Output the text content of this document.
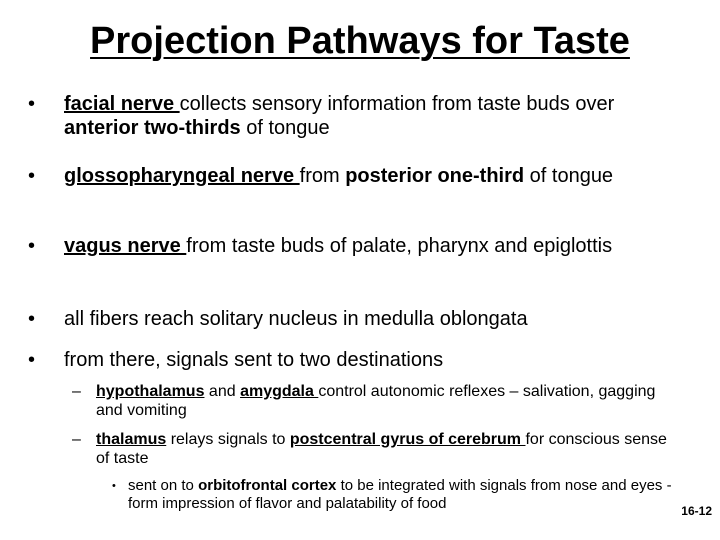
Projection Pathways for Taste
• facial nerve collects sensory information from taste buds over anterior two-thirds of tongue
• glossopharyngeal nerve from posterior one-third of tongue
• vagus nerve from taste buds of palate, pharynx and epiglottis
• all fibers reach solitary nucleus in medulla oblongata
• from there, signals sent to two destinations
– hypothalamus and amygdala control autonomic reflexes – salivation, gagging and vomiting
– thalamus relays signals to postcentral gyrus of cerebrum for conscious sense of taste
• sent on to orbitofrontal cortex to be integrated with signals from nose and eyes - form impression of flavor and palatability of food	16-12
